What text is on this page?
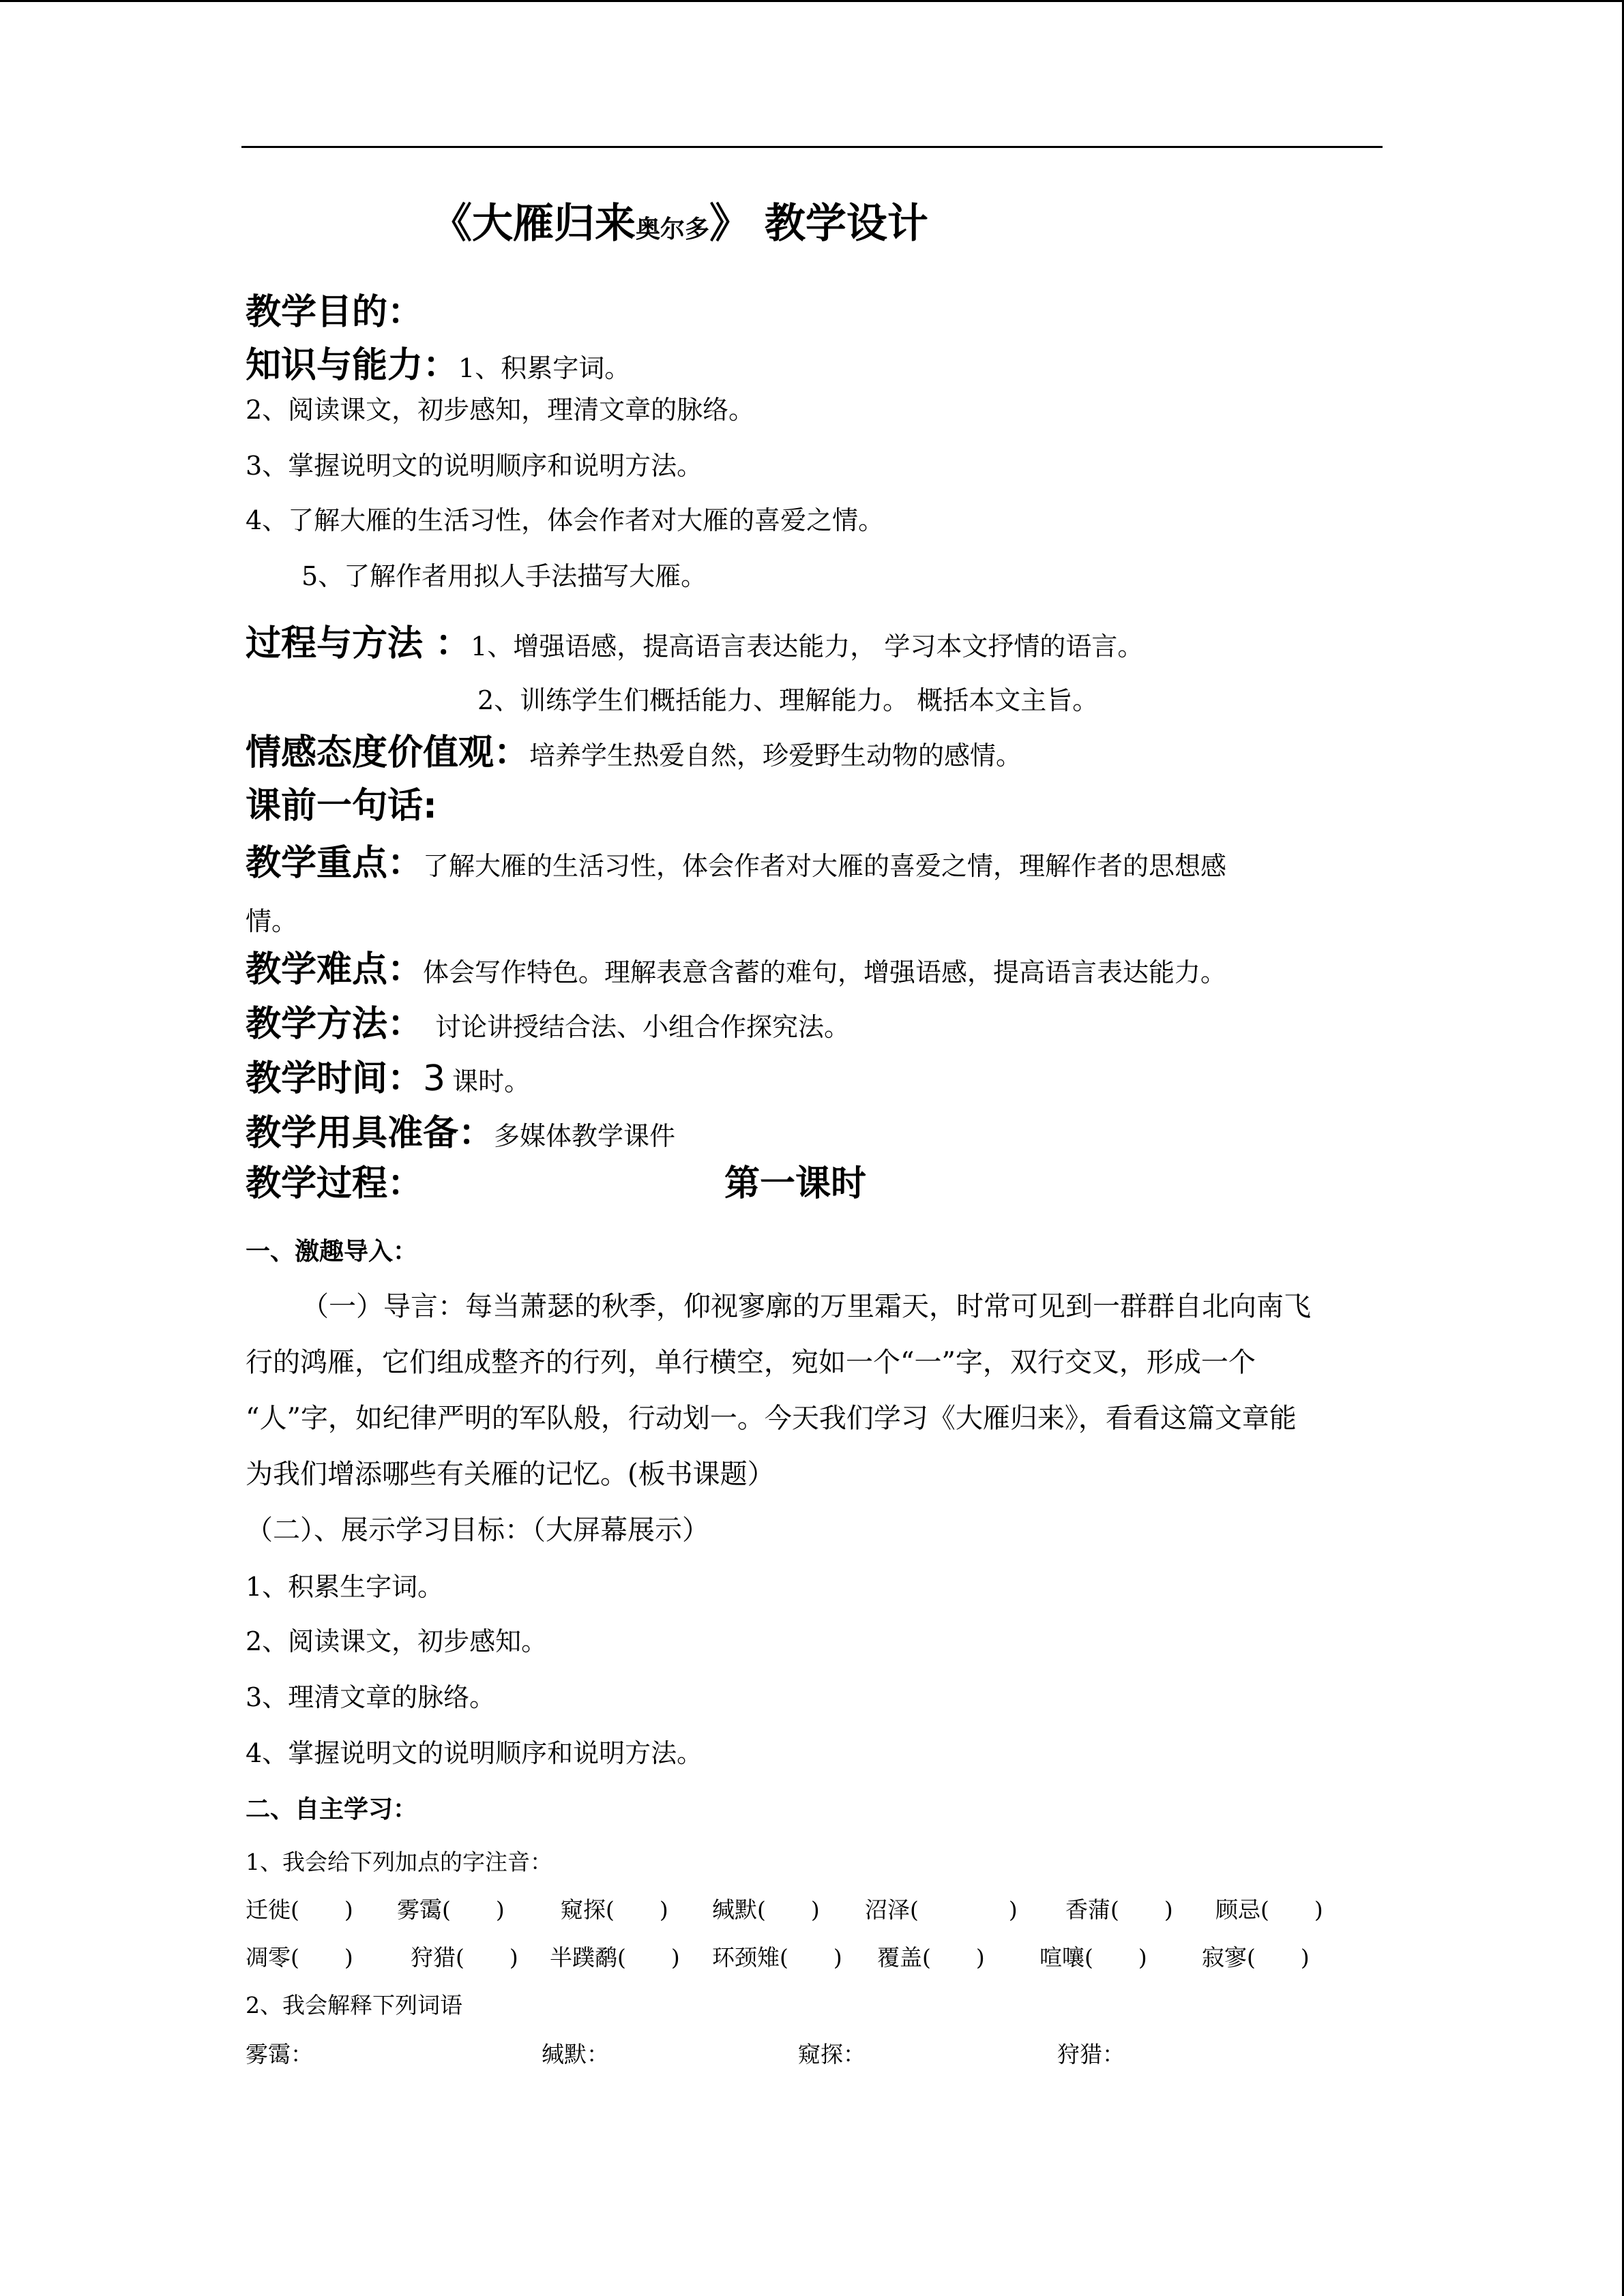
《大雁归来奥尔多》 教学设计
教学目的：
知识与能力：1、积累字词。
2、阅读课文，初步感知，理清文章的脉络。
3、掌握说明文的说明顺序和说明方法。
4、了解大雁的生活习性，体会作者对大雁的喜爱之情。
5、了解作者用拟人手法描写大雁。
过程与方法 ：1、增强语感，提高语言表达能力， 学习本文抒情的语言。
2、训练学生们概括能力、理解能力。 概括本文主旨。
情感态度价值观：培养学生热爱自然，珍爱野生动物的感情。
课前一句话:
教学重点：了解大雁的生活习性，体会作者对大雁的喜爱之情，理解作者的思想感
情。
教学难点：体会写作特色。理解表意含蓄的难句，增强语感，提高语言表达能力。
教学方法： 讨论讲授结合法、小组合作探究法。
教学时间：3 课时。
教学用具准备：多媒体教学课件
教学过程：	第一课时
一、激趣导入：
（一）导言：每当萧瑟的秋季，仰视寥廓的万里霜天，时常可见到一群群自北向南飞
行的鸿雁，它们组成整齐的行列，单行横空，宛如一个“一”字，双行交叉，形成一个
“人”字，如纪律严明的军队般，行动划一。今天我们学习《大雁归来》，看看这篇文章能
为我们增添哪些有关雁的记忆。(板书课题）
（二）、展示学习目标：（大屏幕展示）
1、积累生字词。
2、阅读课文，初步感知。
3、理清文章的脉络。
4、掌握说明文的说明顺序和说明方法。
二、自主学习：
1、我会给下列加点的字注音：
迁徙(　　) 雾霭(　　) 窥探(　　) 缄默(　　) 沼泽(　　　　) 香蒲(　　) 顾忌(　　)
凋零(　　)	狩猎(　　) 半蹼鹬(　　) 环颈雉(　　) 覆盖(　　) 喧嚷(　　) 寂寥(　　)
2、我会解释下列词语
雾霭：	缄默：	窥探：	狩猎：
